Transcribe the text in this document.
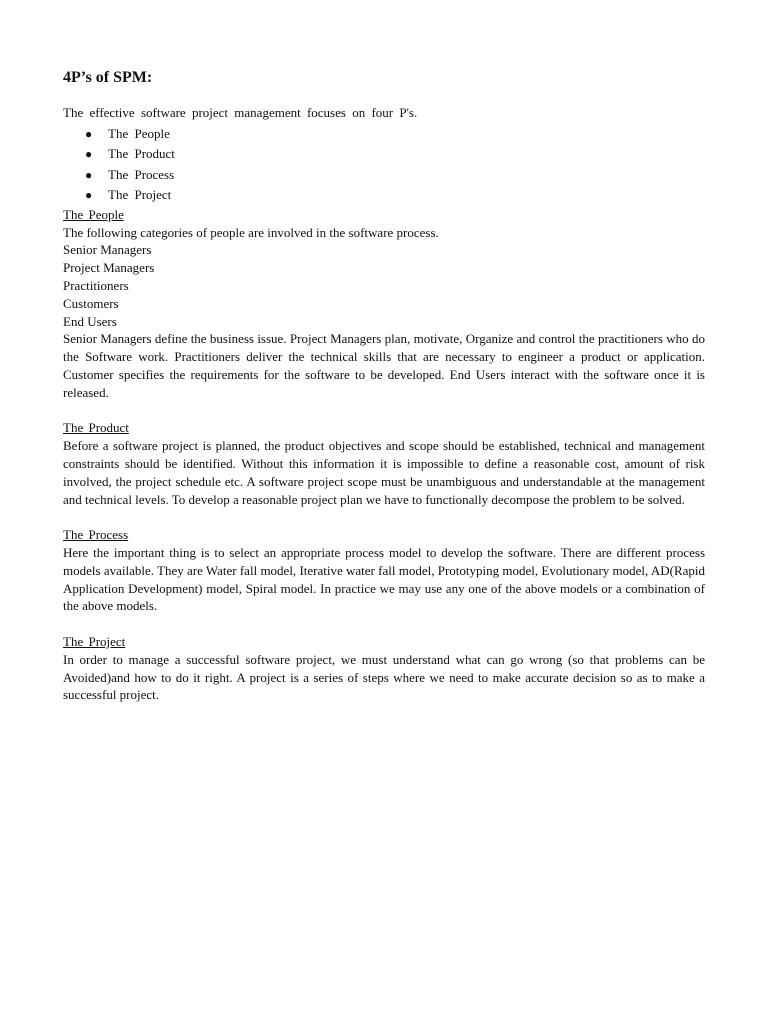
4P’s of SPM:

The effective software project management focuses on four P's.

● The People
● The Product
● The Process
● The Project

The People

The following categories of people are involved in the software process.

Senior Managers

Project Managers

Practitioners

Customers

End Users

Senior Managers define the business issue. Project Managers plan, motivate, Organize and control the practitioners who do the Software work. Practitioners deliver the technical skills that are necessary to engineer a product or application. Customer specifies the requirements for the software to be developed. End Users interact with the software once it is released.

The Product

Before a software project is planned, the product objectives and scope should be established, technical and management constraints should be identified. Without this information it is impossible to define a reasonable cost, amount of risk involved, the project schedule etc. A software project scope must be unambiguous and understandable at the management and technical levels. To develop a reasonable project plan we have to functionally decompose the problem to be solved.

The Process

Here the important thing is to select an appropriate process model to develop the software. There are different process models available. They are Water fall model, Iterative water fall model, Prototyping model, Evolutionary model, AD(Rapid Application Development) model, Spiral model. In practice we may use any one of the above models or a combination of the above models.

The Project

In order to manage a successful software project, we must understand what can go wrong (so that problems can be Avoided)and how to do it right. A project is a series of steps where we need to make accurate decision so as to make a successful project.
